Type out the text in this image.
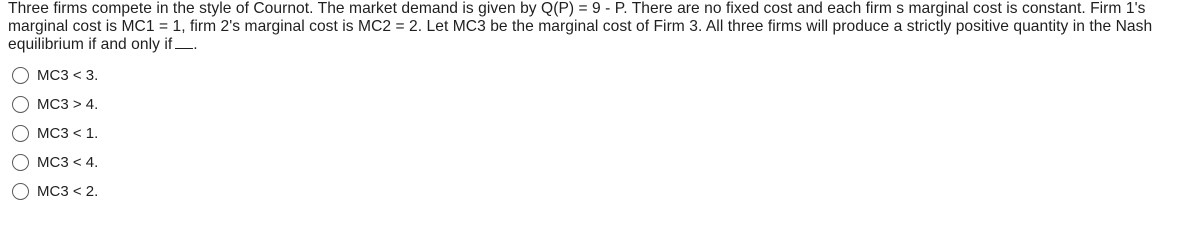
Three firms compete in the style of Cournot. The market demand is given by Q(P) = 9 - P. There are no fixed cost and each firm s marginal cost is constant. Firm 1's marginal cost is MC1 = 1, firm 2's marginal cost is MC2 = 2. Let MC3 be the marginal cost of Firm 3. All three firms will produce a strictly positive quantity in the Nash equilibrium if and only if .

MC3 < 3.
MC3 > 4.
MC3 < 1.
MC3 < 4.
MC3 < 2.
